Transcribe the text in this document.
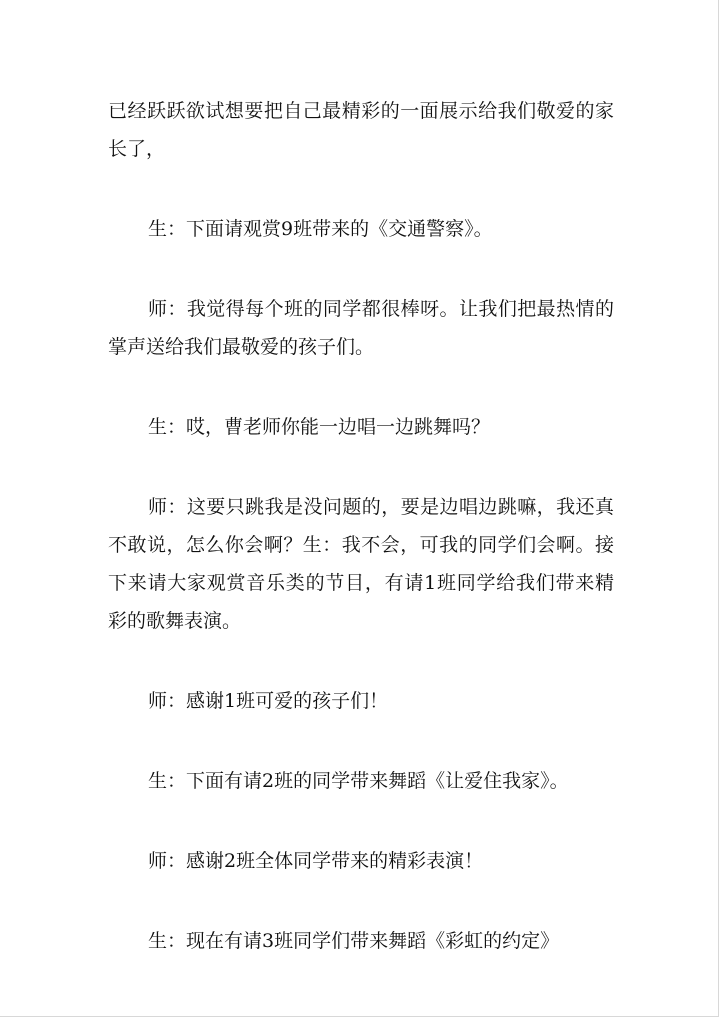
已经跃跃欲试想要把自己最精彩的一面展示给我们敬爱的家长了，

生：下面请观赏9班带来的《交通警察》。

师：我觉得每个班的同学都很棒呀。让我们把最热情的掌声送给我们最敬爱的孩子们。

生：哎，曹老师你能一边唱一边跳舞吗？

师：这要只跳我是没问题的，要是边唱边跳嘛，我还真不敢说，怎么你会啊？生：我不会，可我的同学们会啊。接下来请大家观赏音乐类的节目，有请1班同学给我们带来精彩的歌舞表演。

师：感谢1班可爱的孩子们！

生：下面有请2班的同学带来舞蹈《让爱住我家》。

师：感谢2班全体同学带来的精彩表演！

生：现在有请3班同学们带来舞蹈《彩虹的约定》
